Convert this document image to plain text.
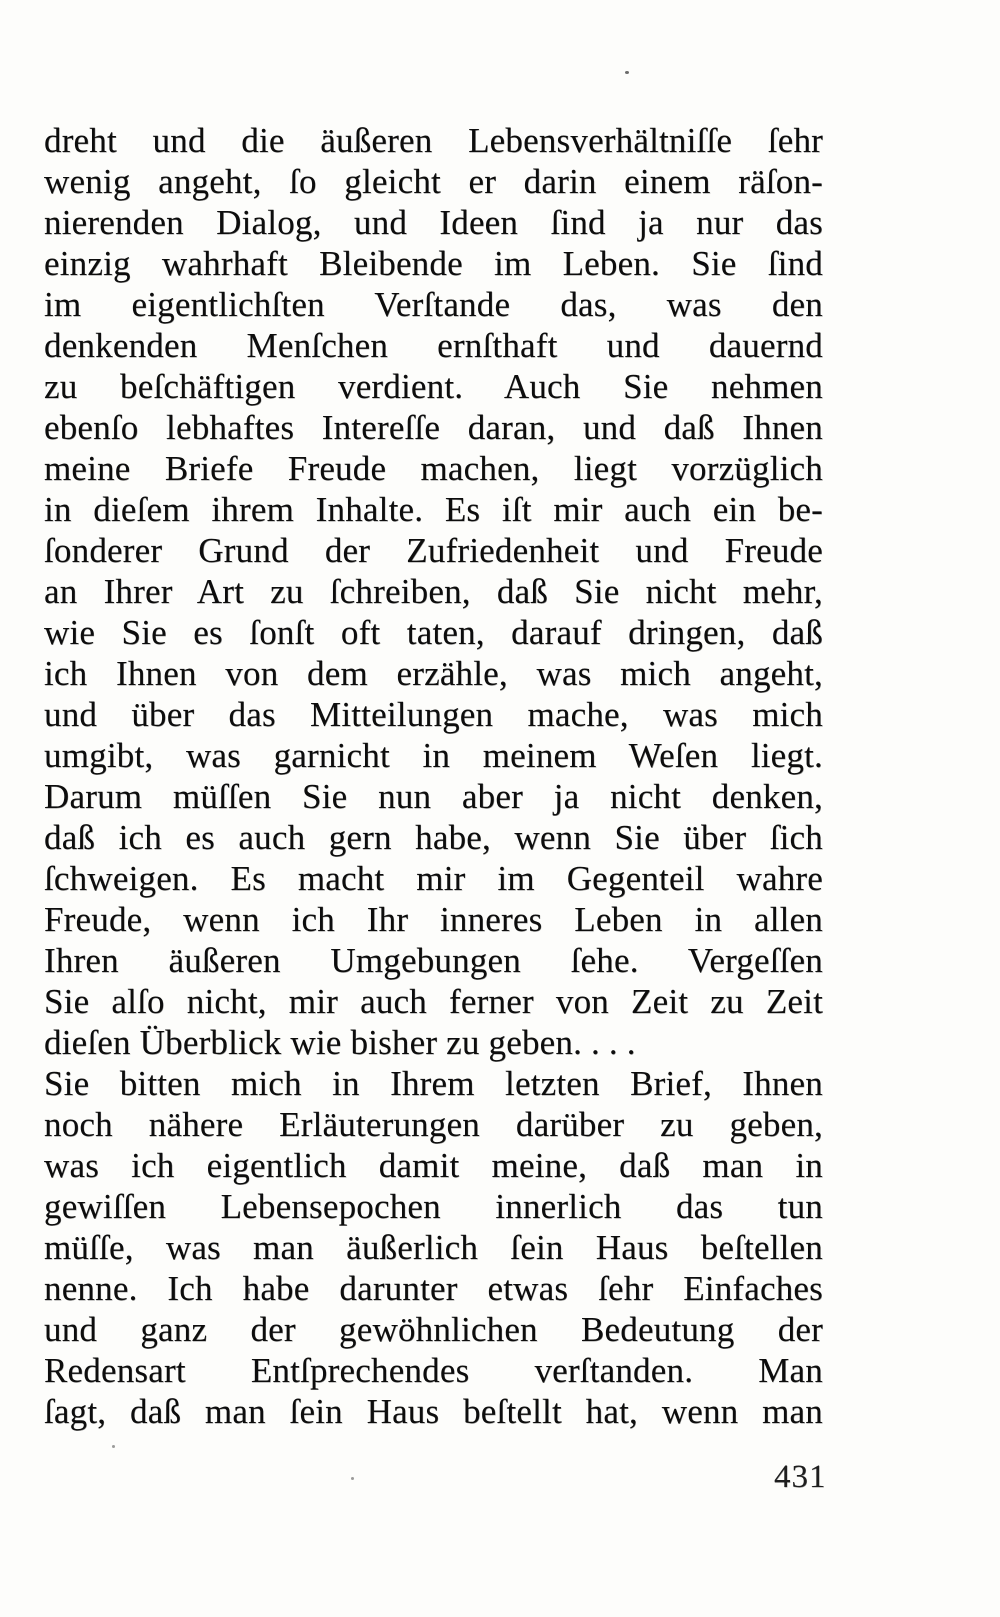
dreht und die äußeren Lebensverhältniſſe ſehr
wenig angeht, ſo gleicht er darin einem räſon-
nierenden Dialog, und Ideen ſind ja nur das
einzig wahrhaft Bleibende im Leben. Sie ſind
im eigentlichſten Verſtande das, was den
denkenden Menſchen ernſthaft und dauernd
zu beſchäftigen verdient. Auch Sie nehmen
ebenſo lebhaftes Intereſſe daran, und daß Ihnen
meine Briefe Freude machen, liegt vorzüglich
in dieſem ihrem Inhalte. Es iſt mir auch ein be-
ſonderer Grund der Zufriedenheit und Freude
an Ihrer Art zu ſchreiben, daß Sie nicht mehr,
wie Sie es ſonſt oft taten, darauf dringen, daß
ich Ihnen von dem erzähle, was mich angeht,
und über das Mitteilungen mache, was mich
umgibt, was garnicht in meinem Weſen liegt.
Darum müſſen Sie nun aber ja nicht denken,
daß ich es auch gern habe, wenn Sie über ſich
ſchweigen. Es macht mir im Gegenteil wahre
Freude, wenn ich Ihr inneres Leben in allen
Ihren äußeren Umgebungen ſehe. Vergeſſen
Sie alſo nicht, mir auch ferner von Zeit zu Zeit
dieſen Überblick wie bisher zu geben. . . .
Sie bitten mich in Ihrem letzten Brief, Ihnen
noch nähere Erläuterungen darüber zu geben,
was ich eigentlich damit meine, daß man in
gewiſſen Lebensepochen innerlich das tun
müſſe, was man äußerlich ſein Haus beſtellen
nenne. Ich habe darunter etwas ſehr Einfaches
und ganz der gewöhnlichen Bedeutung der
Redensart Entſprechendes verſtanden. Man
ſagt, daß man ſein Haus beſtellt hat, wenn man
431
